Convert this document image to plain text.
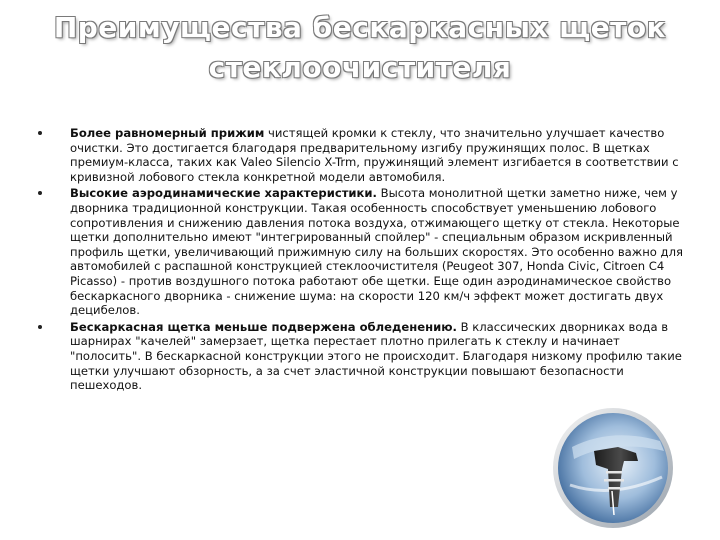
Преимущества бескаркасных щеток
стеклоочистителя
Более равномерный прижим чистящей кромки к стеклу, что значительно улучшает качество очистки. Это достигается благодаря предварительному изгибу пружинящих полос. В щетках премиум-класса, таких как Valeo Silencio X-Trm, пружинящий элемент изгибается в соответствии с кривизной лобового стекла конкретной модели автомобиля.
Высокие аэродинамические характеристики. Высота монолитной щетки заметно ниже, чем у дворника традиционной конструкции. Такая особенность способствует уменьшению лобового сопротивления и снижению давления потока воздуха, отжимающего щетку от стекла. Некоторые щетки дополнительно имеют "интегрированный спойлер" - специальным образом искривленный профиль щетки, увеличивающий прижимную силу на больших скоростях. Это особенно важно для автомобилей с распашной конструкцией стеклоочистителя (Peugeot 307, Honda Civic, Citroen C4 Picasso) - против воздушного потока работают обе щетки. Еще один аэродинамическое свойство бескаркасного дворника - снижение шума: на скорости 120 км/ч эффект может достигать двух децибелов.
Бескаркасная щетка меньше подвержена обледенению. В классических дворниках вода в шарнирах "качелей" замерзает, щетка перестает плотно прилегать к стеклу и начинает "полосить". В бескаркасной конструкции этого не происходит. Благодаря низкому профилю такие щетки улучшают обзорность, а за счет эластичной конструкции повышают безопасности пешеходов.
